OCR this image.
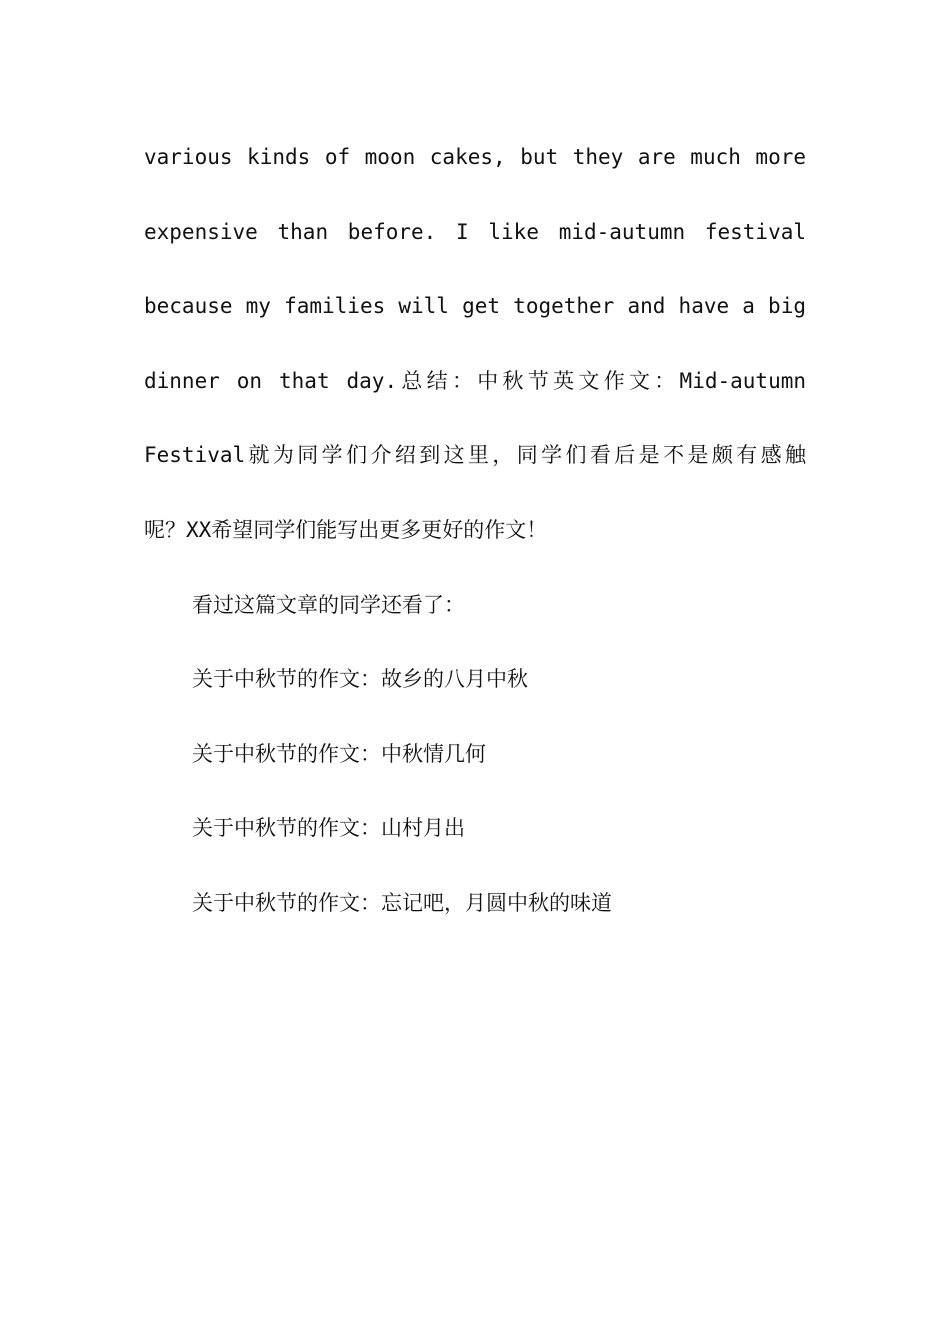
various kinds of moon cakes, but they are much more
expensive than before. I like mid-autumn festival
because my families will get together and have a big
dinner on that day.总结：中秋节英文作文：Mid-autumn
Festival就为同学们介绍到这里，同学们看后是不是颇有感触
呢？XX希望同学们能写出更多更好的作文！

看过这篇文章的同学还看了：

关于中秋节的作文：故乡的八月中秋
关于中秋节的作文：中秋情几何
关于中秋节的作文：山村月出
关于中秋节的作文：忘记吧，月圆中秋的味道
